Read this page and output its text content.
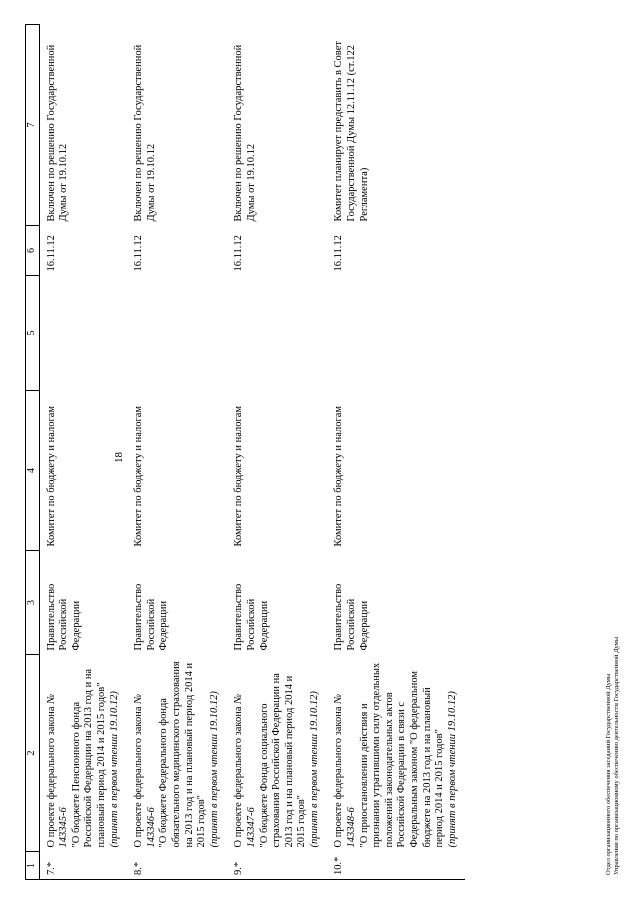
18
1	2	3	4	5	6	7
7.*	О проекте федерального закона № 143345-6 "О бюджете Пенсионного фонда Российской Федерации на 2013 год и на плановый период 2014 и 2015 годов" (принят в первом чтении 19.10.12)	Правительство Российской Федерации	Комитет по бюджету и налогам		16.11.12	Включен по решению Государственной Думы от 19.10.12
8.*	О проекте федерального закона № 143346-6 "О бюджете Федерального фонда обязательного медицинского страхования на 2013 год и на плановый период 2014 и 2015 годов" (принят в первом чтении 19.10.12)	Правительство Российской Федерации	Комитет по бюджету и налогам		16.11.12	Включен по решению Государственной Думы от 19.10.12
9.*	О проекте федерального закона № 143347-6 "О бюджете Фонда социального страхования Российской Федерации на 2013 год и на плановый период 2014 и 2015 годов" (принят в первом чтении 19.10.12)	Правительство Российской Федерации	Комитет по бюджету и налогам		16.11.12	Включен по решению Государственной Думы от 19.10.12
10.*	О проекте федерального закона № 143348-6 "О приостановлении действия и признании утратившими силу отдельных положений законодательных актов Российской Федерации в связи с Федеральным законом "О федеральном бюджете на 2013 год и на плановый период 2014 и 2015 годов" (принят в первом чтении 19.10.12)	Правительство Российской Федерации	Комитет по бюджету и налогам		16.11.12	Комитет планирует представить в Совет Государственной Думы 12.11.12 (ст.122 Регламента)
Отдел организационного обеспечения заседаний Государственной Думы Управления по организационному обеспечению деятельности Государственной Думы
